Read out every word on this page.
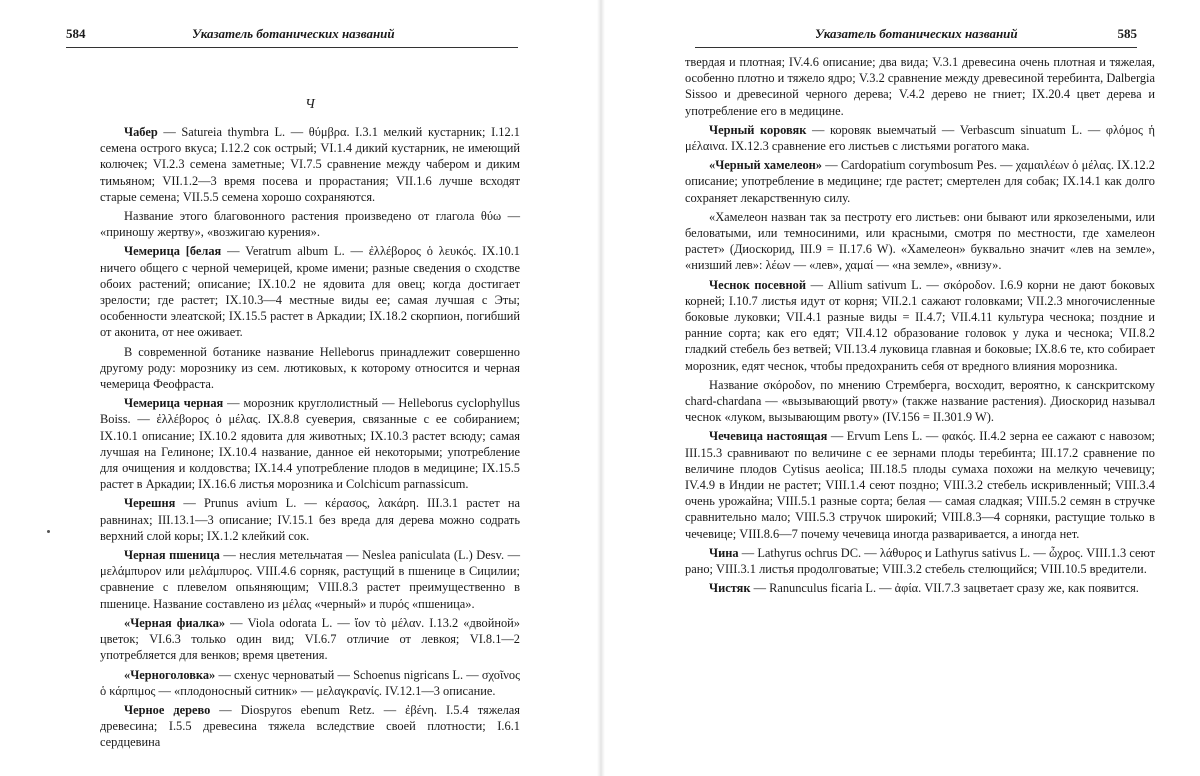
584	Указатель ботанических названий
Ч

Чабер — Satureia thymbra L. — θύμβρα. I.3.1 мелкий кустарник; I.12.1 семена острого вкуса; I.12.2 сок острый; VI.1.4 дикий кустарник, не имеющий колючек; VI.2.3 семена заметные; VI.7.5 сравнение между чабером и диким тимьяном; VII.1.2—3 время посева и прорастания; VII.1.6 лучше всходят старые семена; VII.5.5 семена хорошо сохраняются.

Название этого благовонного растения произведено от глагола θύω — «приношу жертву», «возжигаю курения».

Чемерица [белая — Veratrum album L. — ἐλλέβορος ὁ λευκός. IX.10.1 ничего общего с черной чемерицей, кроме имени; разные сведения о сходстве обоих растений; описание; IX.10.2 не ядовита для овец; когда достигает зрелости; где растет; IX.10.3—4 местные виды ее; самая лучшая с Эты; особенности элеатской; IX.15.5 растет в Аркадии; IX.18.2 скорпион, погибший от аконита, от нее оживает.

В современной ботанике название Helleborus принадлежит совершенно другому роду: морознику из сем. лютиковых, к которому относится и черная чемерица Феофраста.

Чемерица черная — морозник круглолистный — Helleborus cyclophyllus Boiss. — ἐλλέβορος ὁ μέλας. IX.8.8 суеверия, связанные с ее собиранием; IX.10.1 описание; IX.10.2 ядовита для животных; IX.10.3 растет всюду; самая лучшая на Гелиноне; IX.10.4 название, данное ей некоторыми; употребление для очищения и колдовства; IX.14.4 употребление плодов в медицине; IX.15.5 растет в Аркадии; IX.16.6 листья морозника и Colchicum parnassicum.

Черешня — Prunus avium L. — κέρασος, λακάρη. III.3.1 растет на равнинах; III.13.1—3 описание; IV.15.1 без вреда для дерева можно содрать верхний слой коры; IX.1.2 клейкий сок.

Черная пшеница — неслия метельчатая — Neslea paniculata (L.) Desv. — μελάμπυρον или μελάμπυρος. VIII.4.6 сорняк, растущий в пшенице в Сицилии; сравнение с плевелом опьяняющим; VIII.8.3 растет преимущественно в пшенице. Название составлено из μέλας «черный» и πυρός «пшеница».

«Черная фиалка» — Viola odorata L. — ἴον τὸ μέλαν. I.13.2 «двойной» цветок; VI.6.3 только один вид; VI.6.7 отличие от левкоя; VI.8.1—2 употребляется для венков; время цветения.

«Черноголовка» — схенус черноватый — Schoenus nigricans L. — σχοῖνος ὁ κάρπιμος — «плодоносный ситник» — μελαγκρανίς. IV.12.1—3 описание.

Черное дерево — Diospyros ebenum Retz. — ἐβένη. I.5.4 тяжелая древесина; I.5.5 древесина тяжела вследствие своей плотности; I.6.1 сердцевина

Указатель ботанических названий	585

твердая и плотная; IV.4.6 описание; два вида; V.3.1 древесина очень плотная и тяжелая, особенно плотно и тяжело ядро; V.3.2 сравнение между древесиной теребинта, Dalbergia Sissoo и древесиной черного дерева; V.4.2 дерево не гниет; IX.20.4 цвет дерева и употребление его в медицине.

Черный коровяк — коровяк выемчатый — Verbascum sinuatum L. — φλόμος ἡ μέλαινα. IX.12.3 сравнение его листьев с листьями рогатого мака.

«Черный хамелеон» — Cardopatium corymbosum Pes. — χαμαιλέων ὁ μέλας. IX.12.2 описание; употребление в медицине; где растет; смертелен для собак; IX.14.1 как долго сохраняет лекарственную силу.

«Хамелеон назван так за пестроту его листьев: они бывают или яркозелеными, или беловатыми, или темносиними, или красными, смотря по местности, где хамелеон растет» (Диоскорид, III.9 = II.17.6 W). «Хамелеон» буквально значит «лев на земле», «низший лев»: λέων — «лев», χαμαί — «на земле», «внизу».

Чеснок посевной — Allium sativum L. — σκόροδον. I.6.9 корни не дают боковых корней; I.10.7 листья идут от корня; VII.2.1 сажают головками; VII.2.3 многочисленные боковые луковки; VII.4.1 разные виды = II.4.7; VII.4.11 культура чеснока; поздние и ранние сорта; как его едят; VII.4.12 образование головок у лука и чеснока; VII.8.2 гладкий стебель без ветвей; VII.13.4 луковица главная и боковые; IX.8.6 те, кто собирает морозник, едят чеснок, чтобы предохранить себя от вредного влияния морозника.

Название σκόροδον, по мнению Стремберга, восходит, вероятно, к санскритскому chard-chardana — «вызывающий рвоту» (также название растения). Диоскорид называл чеснок «луком, вызывающим рвоту» (IV.156 = II.301.9 W).

Чечевица настоящая — Ervum Lens L. — φακός. II.4.2 зерна ее сажают с навозом; III.15.3 сравнивают по величине с ее зернами плоды теребинта; III.17.2 сравнение по величине плодов Cytisus aeolica; III.18.5 плоды сумаха похожи на мелкую чечевицу; IV.4.9 в Индии не растет; VIII.1.4 сеют поздно; VIII.3.2 стебель искривленный; VIII.3.4 очень урожайна; VIII.5.1 разные сорта; белая — самая сладкая; VIII.5.2 семян в стручке сравнительно мало; VIII.5.3 стручок широкий; VIII.8.3—4 сорняки, растущие только в чечевице; VIII.8.6—7 почему чечевица иногда разваривается, а иногда нет.

Чина — Lathyrus ochrus DC. — λάθυρος и Lathyrus sativus L. — ὦχρος. VIII.1.3 сеют рано; VIII.3.1 листья продолговатые; VIII.3.2 стебель стелющийся; VIII.10.5 вредители.

Чистяк — Ranunculus ficaria L. — ἀφία. VII.7.3 зацветает сразу же, как появится.
